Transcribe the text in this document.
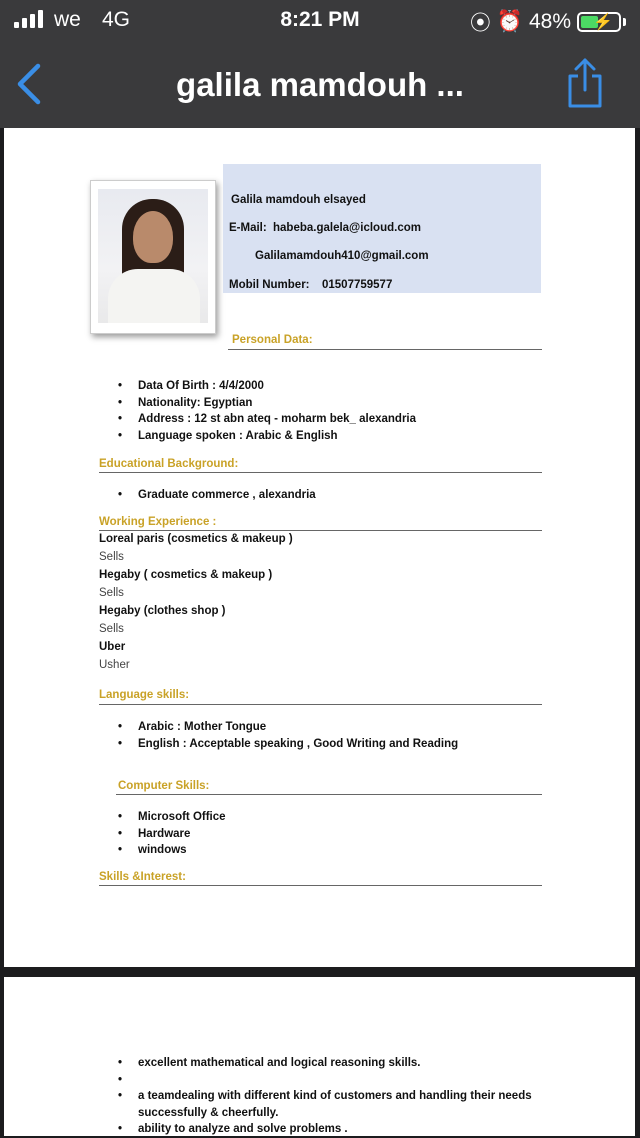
we 4G	8:21 PM	⦿ ⏰ 48% ⚡
galila mamdouh ...
Galila mamdouh elsayed
E-Mail: habeba.galela@icloud.com
Galilamamdouh410@gmail.com
Mobil Number: 01507759577
Personal Data:
• Data Of Birth : 4/4/2000
• Nationality: Egyptian
• Address : 12 st abn ateq - moharm bek_ alexandria
• Language spoken : Arabic & English
Educational Background:
• Graduate commerce , alexandria
Working Experience :
Loreal paris (cosmetics & makeup )
Sells
Hegaby ( cosmetics & makeup )
Sells
Hegaby (clothes shop )
Sells
Uber
Usher
Language skills:
• Arabic : Mother Tongue
• English : Acceptable speaking , Good Writing and Reading
Computer Skills:
• Microsoft Office
• Hardware
• windows
Skills &Interest:
• excellent mathematical and logical reasoning skills.
•
• a teamdealing with different kind of customers and handling their needs
successfully & cheerfully.
• ability to analyze and solve problems .
